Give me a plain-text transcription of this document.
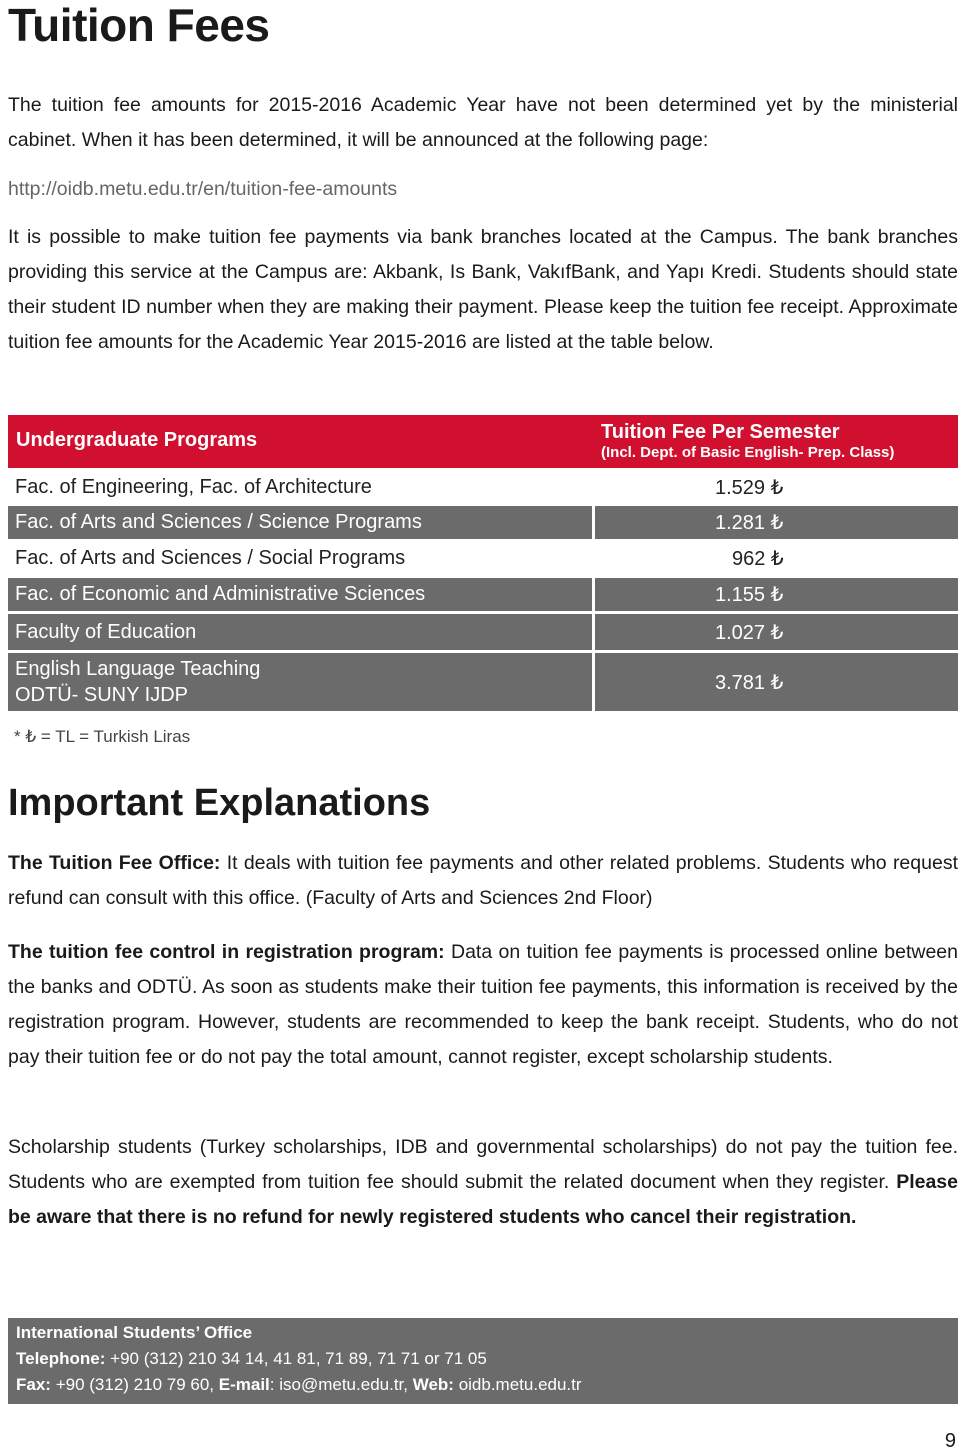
Tuition Fees

The tuition fee amounts for 2015-2016 Academic Year have not been determined yet by the ministerial cabinet. When it has been determined, it will be announced at the following page:

http://oidb.metu.edu.tr/en/tuition-fee-amounts

It is possible to make tuition fee payments via bank branches located at the Campus. The bank branches providing this service at the Campus are: Akbank, Is Bank, VakıfBank, and Yapı Kredi. Students should state their student ID number when they are making their payment. Please keep the tuition fee receipt. Approximate tuition fee amounts for the Academic Year 2015-2016 are listed at the table below.

Undergraduate Programs	Tuition Fee Per Semester
(Incl. Dept. of Basic English- Prep. Class)
Fac. of Engineering, Fac. of Architecture	1.529 ₺
Fac. of Arts and Sciences / Science Programs	1.281 ₺
Fac. of Arts and Sciences / Social Programs	962 ₺
Fac. of Economic and Administrative Sciences	1.155 ₺
Faculty of Education	1.027 ₺
English Language Teaching
ODTÜ- SUNY IJDP
3.781 ₺
* ₺ = TL = Turkish Liras
Important Explanations

The Tuition Fee Office: It deals with tuition fee payments and other related problems. Students who request refund can consult with this office. (Faculty of Arts and Sciences 2nd Floor)

The tuition fee control in registration program: Data on tuition fee payments is processed online between the banks and ODTÜ. As soon as students make their tuition fee payments, this information is received by the registration program. However, students are recommended to keep the bank receipt. Students, who do not pay their tuition fee or do not pay the total amount, cannot register, except scholarship students.

Scholarship students (Turkey scholarships, IDB and governmental scholarships) do not pay the tuition fee. Students who are exempted from tuition fee should submit the related document when they register. Please be aware that there is no refund for newly registered students who cancel their registration.

International Students’ Office
Telephone: +90 (312) 210 34 14, 41 81, 71 89, 71 71 or 71 05
Fax: +90 (312) 210 79 60, E-mail: iso@metu.edu.tr, Web: oidb.metu.edu.tr
9
